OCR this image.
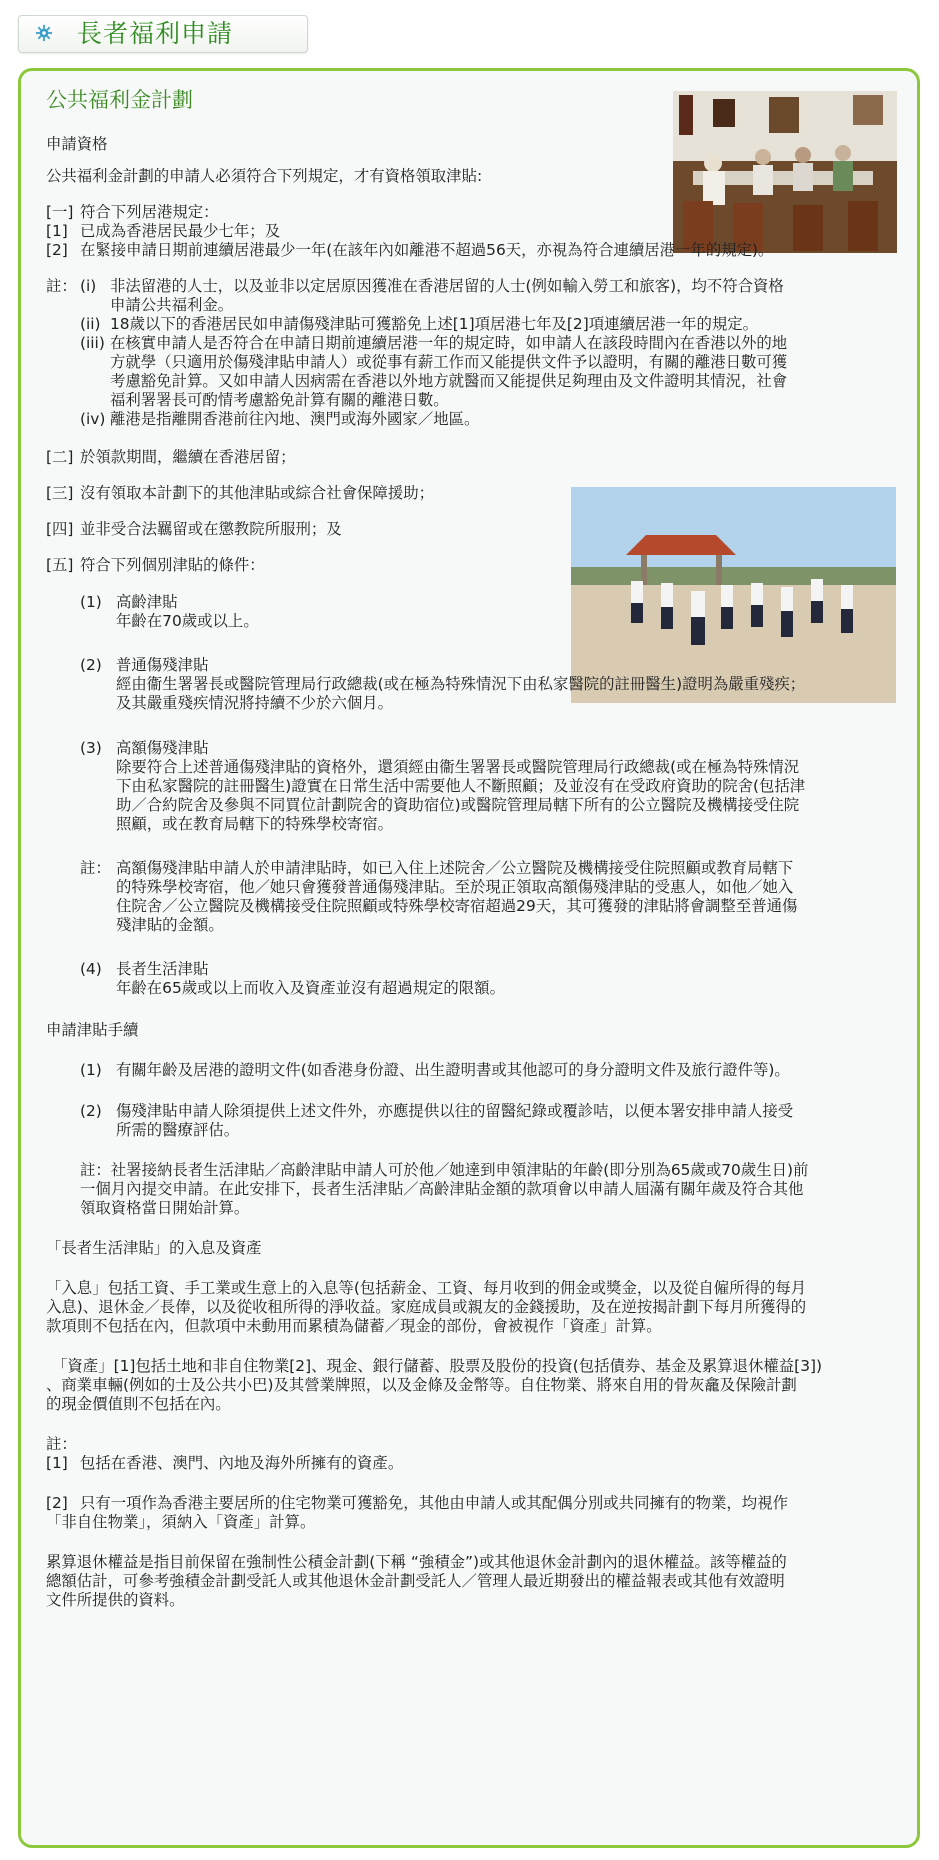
長者福利申請
公共福利金計劃
申請資格
公共福利金計劃的申請人必須符合下列規定，才有資格領取津貼:
[一] 符合下列居港規定：
[1] 已成為香港居民最少七年；及
[2] 在緊接申請日期前連續居港最少一年(在該年內如離港不超過56天，亦視為符合連續居港一年的規定)。
註： (i) 非法留港的人士，以及並非以定居原因獲准在香港居留的人士(例如輸入勞工和旅客)，均不符合資格
申請公共福利金。
(ii) 18歲以下的香港居民如申請傷殘津貼可獲豁免上述[1]項居港七年及[2]項連續居港一年的規定。
(iii) 在核實申請人是否符合在申請日期前連續居港一年的規定時，如申請人在該段時間內在香港以外的地
方就學（只適用於傷殘津貼申請人）或從事有薪工作而又能提供文件予以證明，有關的離港日數可獲
考慮豁免計算。又如申請人因病需在香港以外地方就醫而又能提供足夠理由及文件證明其情況，社會
福利署署長可酌情考慮豁免計算有關的離港日數。
(iv) 離港是指離開香港前往內地、澳門或海外國家／地區。
[二] 於領款期間，繼續在香港居留；
[三] 沒有領取本計劃下的其他津貼或綜合社會保障援助；
[四] 並非受合法羈留或在懲教院所服刑；及
[五] 符合下列個別津貼的條件：
(1) 高齡津貼
年齡在70歲或以上。
(2) 普通傷殘津貼
經由衞生署署長或醫院管理局行政總裁(或在極為特殊情況下由私家醫院的註冊醫生)證明為嚴重殘疾；
及其嚴重殘疾情況將持續不少於六個月。
(3) 高額傷殘津貼
除要符合上述普通傷殘津貼的資格外，還須經由衞生署署長或醫院管理局行政總裁(或在極為特殊情況
下由私家醫院的註冊醫生)證實在日常生活中需要他人不斷照顧；及並沒有在受政府資助的院舍(包括津
助／合約院舍及參與不同買位計劃院舍的資助宿位)或醫院管理局轄下所有的公立醫院及機構接受住院
照顧，或在教育局轄下的特殊學校寄宿。
註： 高額傷殘津貼申請人於申請津貼時，如已入住上述院舍／公立醫院及機構接受住院照顧或教育局轄下
的特殊學校寄宿，他／她只會獲發普通傷殘津貼。至於現正領取高額傷殘津貼的受惠人，如他／她入
住院舍／公立醫院及機構接受住院照顧或特殊學校寄宿超過29天，其可獲發的津貼將會調整至普通傷
殘津貼的金額。
(4) 長者生活津貼
年齡在65歲或以上而收入及資產並沒有超過規定的限額。
申請津貼手續
(1) 有關年齡及居港的證明文件(如香港身份證、出生證明書或其他認可的身分證明文件及旅行證件等)。
(2) 傷殘津貼申請人除須提供上述文件外，亦應提供以往的留醫紀錄或覆診咭，以便本署安排申請人接受
所需的醫療評估。
註：社署接納長者生活津貼／高齡津貼申請人可於他／她達到申領津貼的年齡(即分別為65歲或70歲生日)前
一個月內提交申請。在此安排下，長者生活津貼／高齡津貼金額的款項會以申請人屆滿有關年歲及符合其他
領取資格當日開始計算。
「長者生活津貼」的入息及資產
「入息」包括工資、手工業或生意上的入息等(包括薪金、工資、每月收到的佣金或獎金，以及從自僱所得的每月
入息)、退休金／長俸，以及從收租所得的淨收益。家庭成員或親友的金錢援助，及在逆按揭計劃下每月所獲得的
款項則不包括在內，但款項中未動用而累積為儲蓄／現金的部份，會被視作「資產」計算。
「資產」[1]包括土地和非自住物業[2]、現金、銀行儲蓄、股票及股份的投資(包括債券、基金及累算退休權益[3])
、商業車輛(例如的士及公共小巴)及其營業牌照，以及金條及金幣等。自住物業、將來自用的骨灰龕及保險計劃
的現金價值則不包括在內。
註：
[1] 包括在香港、澳門、內地及海外所擁有的資產。
[2] 只有一項作為香港主要居所的住宅物業可獲豁免，其他由申請人或其配偶分別或共同擁有的物業，均視作
「非自住物業」，須納入「資產」計算。
累算退休權益是指目前保留在強制性公積金計劃(下稱 “強積金”)或其他退休金計劃內的退休權益。該等權益的
總額估計，可參考強積金計劃受託人或其他退休金計劃受託人／管理人最近期發出的權益報表或其他有效證明
文件所提供的資料。
